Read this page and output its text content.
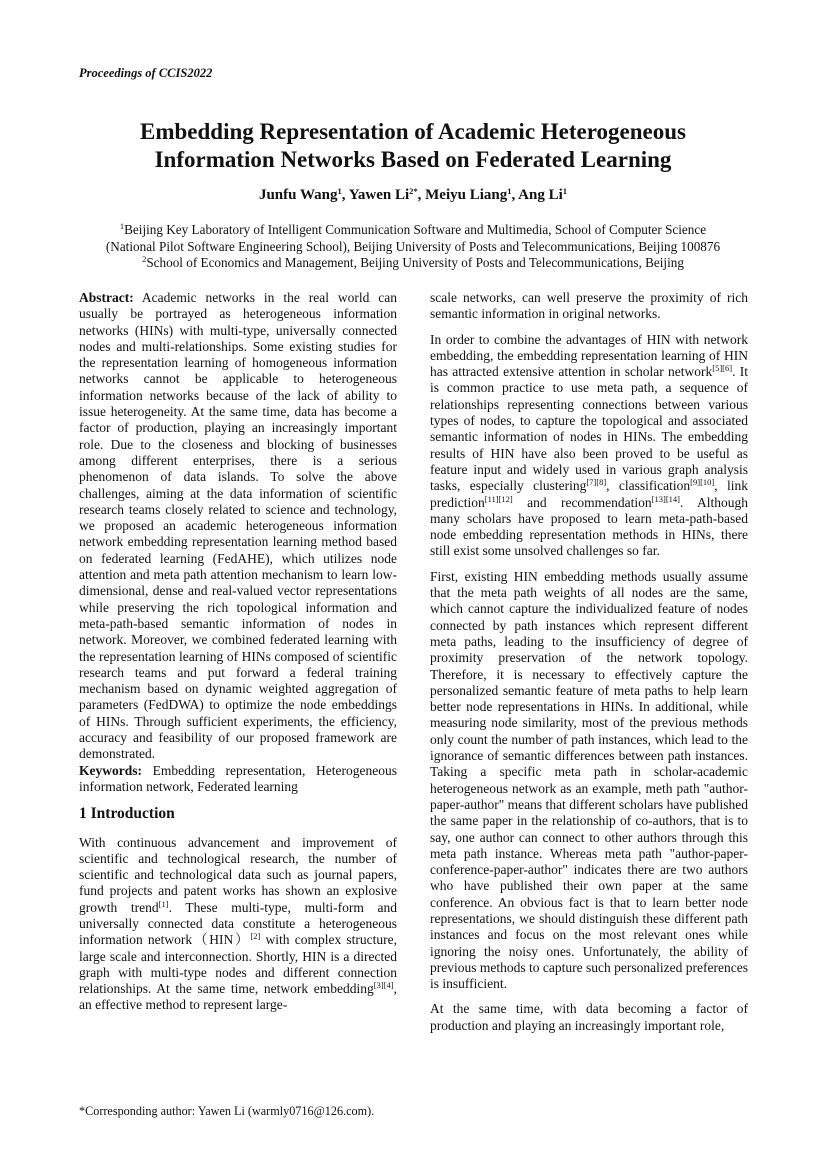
Proceedings of CCIS2022
Embedding Representation of Academic Heterogeneous
Information Networks Based on Federated Learning
Junfu Wang$^1$, Yawen $Li^{2*}$, Meiyu Liang$^1$, Ang Li$^1$
$^1$Beijing Key Laboratory of Intelligent Communication Software and Multimedia, School of Computer Science
(National Pilot Software Engineering School), Beijing University of Posts and Telecommunications, Beijing 100876
$^2$School of Economics and Management, Beijing University of Posts and Telecommunications, Beijing

Abstract: Academic networks in the real world can usually be portrayed as heterogeneous information networks (HINs) with multi-type, universally connected nodes and multi-relationships. Some existing studies for the representation learning of homogeneous information networks cannot be applicable to heterogeneous information networks because of the lack of ability to issue heterogeneity. At the same time, data has become a factor of production, playing an increasingly important role. Due to the closeness and blocking of businesses among different enterprises, there is a serious phenomenon of data islands. To solve the above challenges, aiming at the data information of scientific research teams closely related to science and technology, we proposed an academic heterogeneous information network embedding representation learning method based on federated learning (FedAHE), which utilizes node attention and meta path attention mechanism to learn low-dimensional, dense and real-valued vector representations while preserving the rich topological information and meta-path-based semantic information of nodes in network. Moreover, we combined federated learning with the representation learning of HINs composed of scientific research teams and put forward a federal training mechanism based on dynamic weighted aggregation of parameters (FedDWA) to optimize the node embeddings of HINs. Through sufficient experiments, the efficiency, accuracy and feasibility of our proposed framework are demonstrated.

Keywords: Embedding representation, Heterogeneous information network, Federated learning

1 Introduction

With continuous advancement and improvement of scientific and technological research, the number of scientific and technological data such as journal papers, fund projects and patent works has shown an explosive growth trend[1]. These multi-type, multi-form and universally connected data constitute a heterogeneous information network（HIN）[2] with complex structure, large scale and interconnection. Shortly, HIN is a directed graph with multi-type nodes and different connection relationships. At the same time, network embedding[3][4], an effective method to represent large-

scale networks, can well preserve the proximity of rich semantic information in original networks.

In order to combine the advantages of HIN with network embedding, the embedding representation learning of HIN has attracted extensive attention in scholar network[5][6]. It is common practice to use meta path, a sequence of relationships representing connections between various types of nodes, to capture the topological and associated semantic information of nodes in HINs. The embedding results of HIN have also been proved to be useful as feature input and widely used in various graph analysis tasks, especially clustering[7][8], classification[9][10], link prediction[11][12] and recommendation[13][14]. Although many scholars have proposed to learn meta-path-based node embedding representation methods in HINs, there still exist some unsolved challenges so far.

First, existing HIN embedding methods usually assume that the meta path weights of all nodes are the same, which cannot capture the individualized feature of nodes connected by path instances which represent different meta paths, leading to the insufficiency of degree of proximity preservation of the network topology. Therefore, it is necessary to effectively capture the personalized semantic feature of meta paths to help learn better node representations in HINs. In additional, while measuring node similarity, most of the previous methods only count the number of path instances, which lead to the ignorance of semantic differences between path instances. Taking a specific meta path in scholar-academic heterogeneous network as an example, meth path "author-paper-author" means that different scholars have published the same paper in the relationship of co-authors, that is to say, one author can connect to other authors through this meta path instance. Whereas meta path "author-paper-conference-paper-author" indicates there are two authors who have published their own paper at the same conference. An obvious fact is that to learn better node representations, we should distinguish these different path instances and focus on the most relevant ones while ignoring the noisy ones. Unfortunately, the ability of previous methods to capture such personalized preferences is insufficient.

At the same time, with data becoming a factor of production and playing an increasingly important role,

*Corresponding author: Yawen Li (warmly0716@126.com).
